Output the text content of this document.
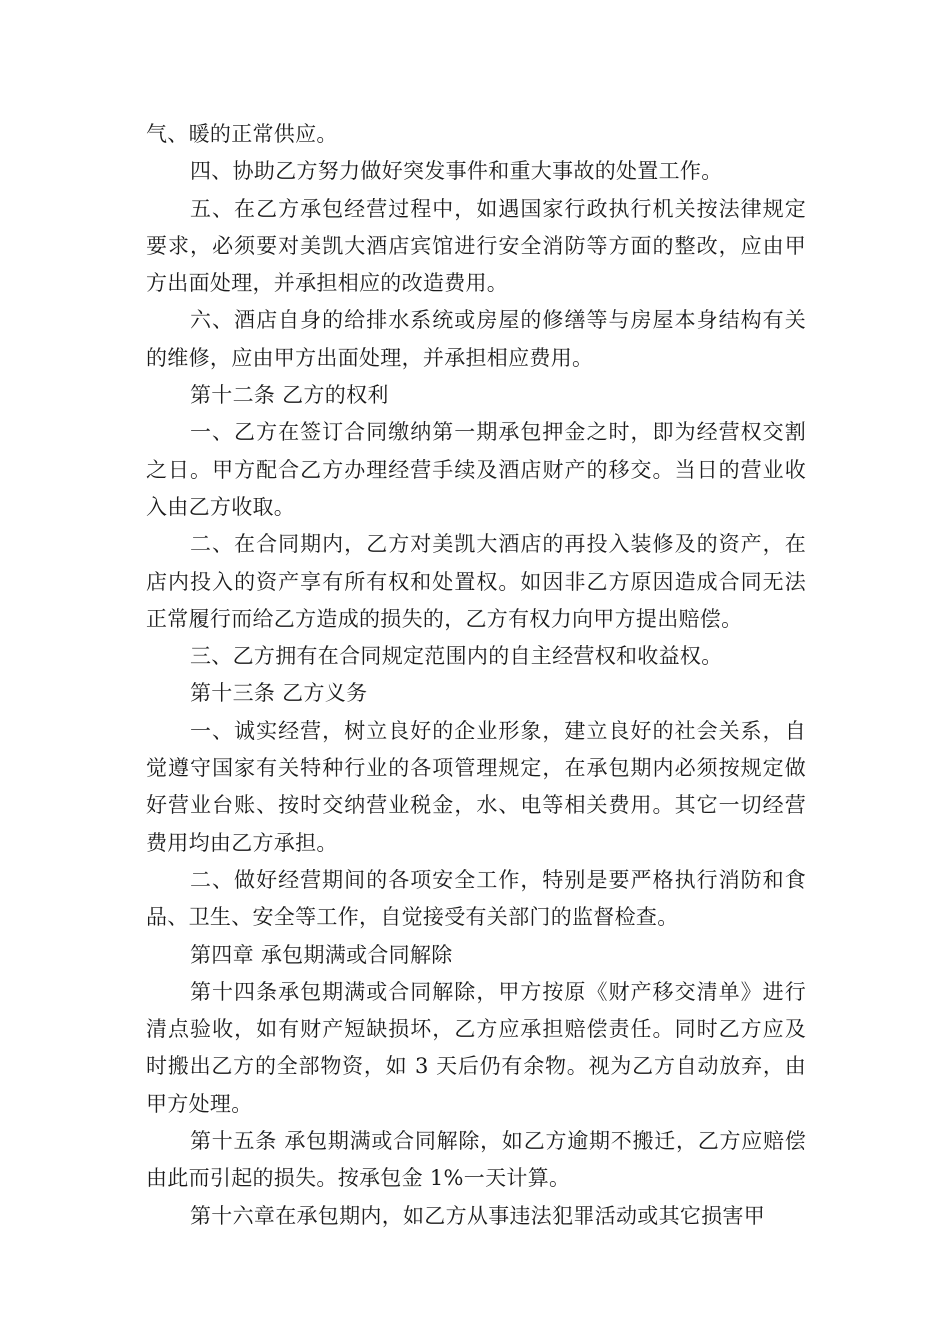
气、暖的正常供应。

四、协助乙方努力做好突发事件和重大事故的处置工作。

五、在乙方承包经营过程中，如遇国家行政执行机关按法律规定要求，必须要对美凯大酒店宾馆进行安全消防等方面的整改，应由甲方出面处理，并承担相应的改造费用。

六、酒店自身的给排水系统或房屋的修缮等与房屋本身结构有关的维修，应由甲方出面处理，并承担相应费用。

第十二条 乙方的权利

一、乙方在签订合同缴纳第一期承包押金之时，即为经营权交割之日。甲方配合乙方办理经营手续及酒店财产的移交。当日的营业收入由乙方收取。

二、在合同期内，乙方对美凯大酒店的再投入装修及的资产，在店内投入的资产享有所有权和处置权。如因非乙方原因造成合同无法正常履行而给乙方造成的损失的，乙方有权力向甲方提出赔偿。

三、乙方拥有在合同规定范围内的自主经营权和收益权。

第十三条 乙方义务

一、诚实经营，树立良好的企业形象，建立良好的社会关系，自觉遵守国家有关特种行业的各项管理规定，在承包期内必须按规定做好营业台账、按时交纳营业税金，水、电等相关费用。其它一切经营费用均由乙方承担。

二、做好经营期间的各项安全工作，特别是要严格执行消防和食品、卫生、安全等工作，自觉接受有关部门的监督检查。

第四章 承包期满或合同解除

第十四条承包期满或合同解除，甲方按原《财产移交清单》进行清点验收，如有财产短缺损坏，乙方应承担赔偿责任。同时乙方应及时搬出乙方的全部物资，如 3 天后仍有余物。视为乙方自动放弃，由甲方处理。

第十五条 承包期满或合同解除，如乙方逾期不搬迁，乙方应赔偿由此而引起的损失。按承包金 1%一天计算。

第十六章在承包期内，如乙方从事违法犯罪活动或其它损害甲
